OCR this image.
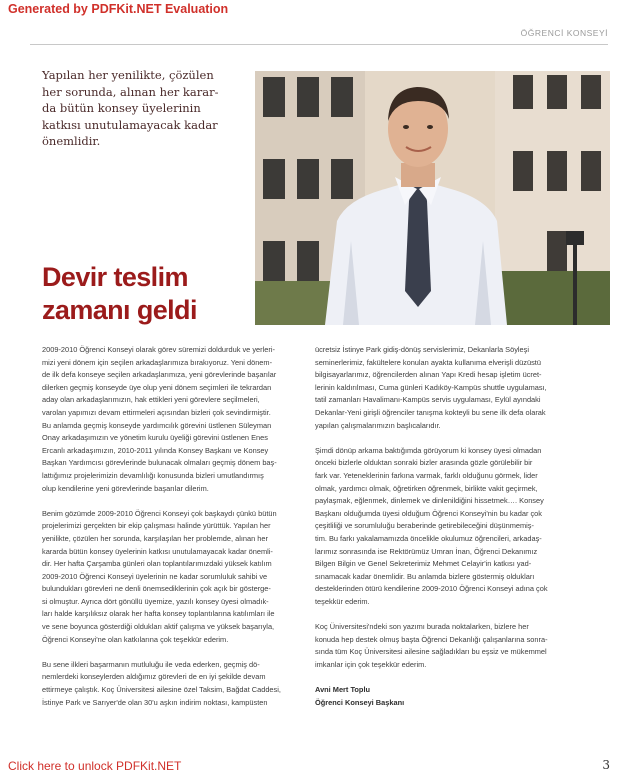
Generated by PDFKit.NET Evaluation
ÖĞRENCİ KONSEYİ
Yapılan her yenilikte, çözülen
her sorunda, alınan her karar-
da bütün konsey üyelerinin
katkısı unutulamayacak kadar
önemlidir.
Devir teslim
zamanı geldi

2009-2010 Öğrenci Konseyi olarak görev süremizi doldurduk ve yerleri-
mizi yeni dönem için seçilen arkadaşlarımıza bırakıyoruz. Yeni dönem-
de ilk defa konseye seçilen arkadaşlarımıza, yeni görevlerinde başarılar
dilerken geçmiş konseyde üye olup yeni dönem seçimleri ile tekrardan
aday olan arkadaşlarımızın, hak ettikleri yeni görevlere seçilmeleri,
varolan yapımızı devam ettirmeleri açısından bizleri çok sevindirmiştir.
Bu anlamda geçmiş konseyde yardımcılık görevini üstlenen Süleyman
Onay arkadaşımızın ve yönetim kurulu üyeliği görevini üstlenen Enes
Ercanlı arkadaşımızın, 2010-2011 yılında Konsey Başkanı ve Konsey
Başkan Yardımcısı görevlerinde bulunacak olmaları geçmiş dönem baş-
lattığımız projelerimizin devamlılığı konusunda bizleri umutlandırmış
olup kendilerine yeni görevlerinde başarılar dilerim.

Benim gözümde 2009-2010 Öğrenci Konseyi çok başkaydı çünkü bütün
projelerimizi gerçekten bir ekip çalışması halinde yürüttük. Yapılan her
yenilikte, çözülen her sorunda, karşılaşılan her problemde, alınan her
kararda bütün konsey üyelerinin katkısı unutulamayacak kadar önemli-
dir. Her hafta Çarşamba günleri olan toplantılarımızdaki yüksek katılım
2009-2010 Öğrenci Konseyi üyelerinin ne kadar sorumluluk sahibi ve
bulundukları görevleri ne denli önemsediklerinin çok açık bir gösterge-
si olmuştur. Ayrıca dört gönüllü üyemize, yazılı konsey üyesi olmadık-
ları halde karşılıksız olarak her hafta konsey toplantılarına katılımları ile
ve sene boyunca gösterdiği oldukları aktif çalışma ve yüksek başarıyla,
Öğrenci Konseyi'ne olan katkılarına çok teşekkür ederim.

Bu sene ilkleri başarmanın mutluluğu ile veda ederken, geçmiş dö-
nemlerdeki konseylerden aldığımız görevleri de en iyi şekilde devam
ettirmeye çalıştık. Koç Üniversitesi ailesine özel Taksim, Bağdat Caddesi,
İstinye Park ve Sarıyer'de olan 30'u aşkın indirim noktası, kampüsten

ücretsiz İstinye Park gidiş-dönüş servislerimiz, Dekanlarla Söyleşi
seminerlerimiz, fakültelere konulan ayakta kullanıma elverişli düzüstü
bilgisayarlarımız, öğrencilerden alınan Yapı Kredi hesap işletim ücret-
lerinin kaldırılması, Cuma günleri Kadıköy-Kampüs shuttle uygulaması,
tatil zamanları Havalimanı-Kampüs servis uygulaması, Eylül ayındaki
Dekanlar-Yeni girişli öğrenciler tanışma kokteyli bu sene ilk defa olarak
yapılan çalışmalarımızın başlıcalarıdır.

Şimdi dönüp arkama baktığımda görüyorum ki konsey üyesi olmadan
önceki bizlerle olduktan sonraki bizler arasında gözle görülebilir bir
fark var. Yeteneklerinin farkına varmak, farklı olduğunu görmek, lider
olmak, yardımcı olmak, öğretirken öğrenmek, birlikte vakit geçirmek,
paylaşmak, eğlenmek, dinlemek ve dinlenildiğini hissetmek…. Konsey
Başkanı olduğumda üyesi olduğum Öğrenci Konseyi'nin bu kadar çok
çeşitliliği ve sorumluluğu beraberinde getirebileceğini düşünmemiş-
tim. Bu farkı yakalamamızda öncelikle okulumuz öğrencileri, arkadaş-
larımız sonrasında ise Rektörümüz Umran İnan, Öğrenci Dekanımız
Bilgen Bilgin ve Genel Sekreterimiz Mehmet Celayir'in katkısı yad-
sınamacak kadar önemlidir. Bu anlamda bizlere göstermiş oldukları
desteklerinden ötürü kendilerine 2009-2010 Öğrenci Konseyi adına çok
teşekkür ederim.

Koç Üniversitesi'ndeki son yazımı burada noktalarken, bizlere her
konuda hep destek olmuş başta Öğrenci Dekanlığı çalışanlarına sonra-
sında tüm Koç Üniversitesi ailesine sağladıkları bu eşsiz ve mükemmel
imkanlar için çok teşekkür ederim.

Avni Mert Toplu
Öğrenci Konseyi Başkanı
Click here to unlock PDFKit.NET	3
